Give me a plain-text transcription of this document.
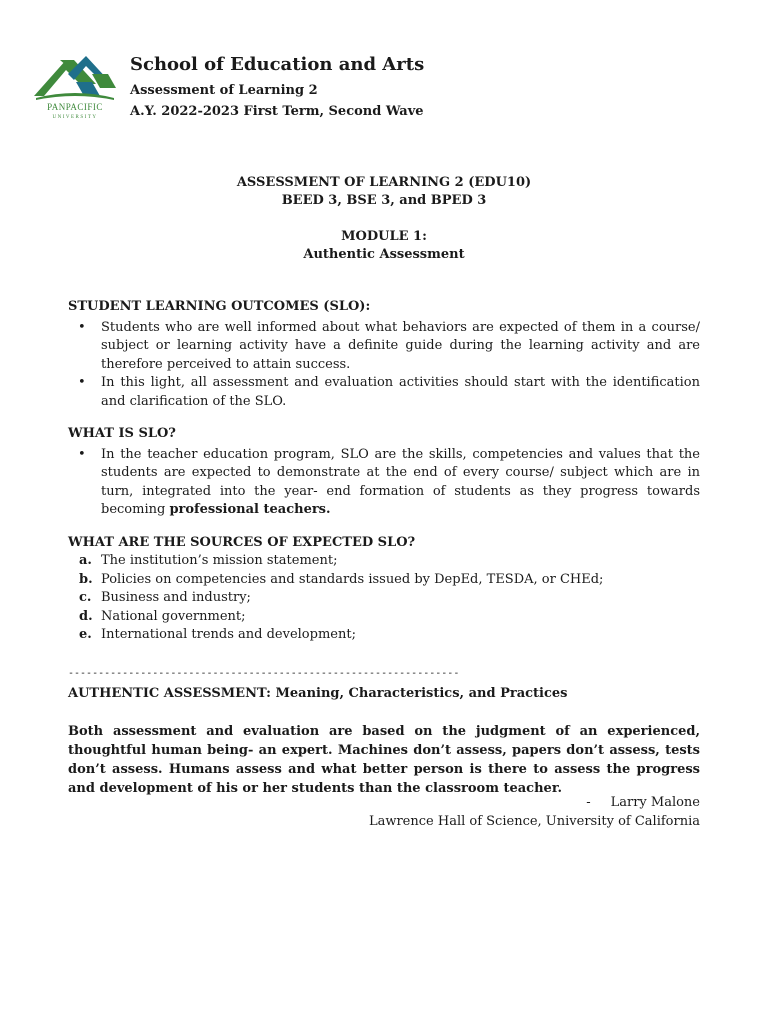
PANPACIFIC
UNIVERSITY
School of Education and Arts
Assessment of Learning 2
A.Y. 2022-2023 First Term, Second Wave
ASSESSMENT OF LEARNING 2 (EDU10)
BEED 3, BSE 3, and BPED 3
MODULE 1:
Authentic Assessment
STUDENT LEARNING OUTCOMES (SLO):
• Students who are well informed about what behaviors are expected of them in a course/ subject or learning activity have a definite guide during the learning activity and are therefore perceived to attain success.
• In this light, all assessment and evaluation activities should start with the identification and clarification of the SLO.
WHAT IS SLO?
• In the teacher education program, SLO are the skills, competencies and values that the students are expected to demonstrate at the end of every course/ subject which are in turn, integrated into the year- end formation of students as they progress towards becoming professional teachers.
WHAT ARE THE SOURCES OF EXPECTED SLO?
a. The institution’s mission statement;
b. Policies on competencies and standards issued by DepEd, TESDA, or CHEd;
c. Business and industry;
d. National government;
e. International trends and development;
-----------------------------------------------------------------
AUTHENTIC ASSESSMENT: Meaning, Characteristics, and Practices
Both assessment and evaluation are based on the judgment of an experienced, thoughtful human being- an expert. Machines don’t assess, papers don’t assess, tests don’t assess. Humans assess and what better person is there to assess the progress and development of his or her students than the classroom teacher.
- Larry Malone
Lawrence Hall of Science, University of California
